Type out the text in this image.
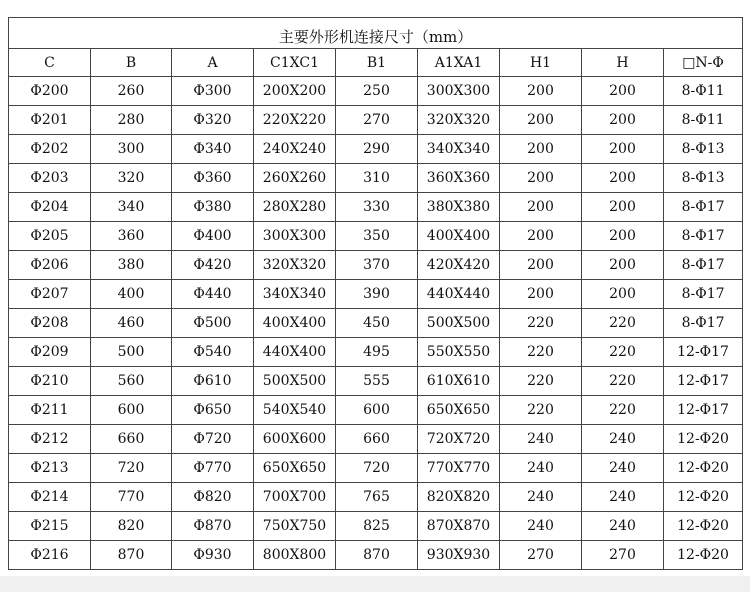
主要外形机连接尺寸（mm）								
C	B	A	C1XC1	B1	A1XA1	H1	H	□N-Φ
Φ200	260	Φ300	200X200	250	300X300	200	200	8-Φ11
Φ201	280	Φ320	220X220	270	320X320	200	200	8-Φ11
Φ202	300	Φ340	240X240	290	340X340	200	200	8-Φ13
Φ203	320	Φ360	260X260	310	360X360	200	200	8-Φ13
Φ204	340	Φ380	280X280	330	380X380	200	200	8-Φ17
Φ205	360	Φ400	300X300	350	400X400	200	200	8-Φ17
Φ206	380	Φ420	320X320	370	420X420	200	200	8-Φ17
Φ207	400	Φ440	340X340	390	440X440	200	200	8-Φ17
Φ208	460	Φ500	400X400	450	500X500	220	220	8-Φ17
Φ209	500	Φ540	440X400	495	550X550	220	220	12-Φ17
Φ210	560	Φ610	500X500	555	610X610	220	220	12-Φ17
Φ211	600	Φ650	540X540	600	650X650	220	220	12-Φ17
Φ212	660	Φ720	600X600	660	720X720	240	240	12-Φ20
Φ213	720	Φ770	650X650	720	770X770	240	240	12-Φ20
Φ214	770	Φ820	700X700	765	820X820	240	240	12-Φ20
Φ215	820	Φ870	750X750	825	870X870	240	240	12-Φ20
Φ216	870	Φ930	800X800	870	930X930	270	270	12-Φ20
